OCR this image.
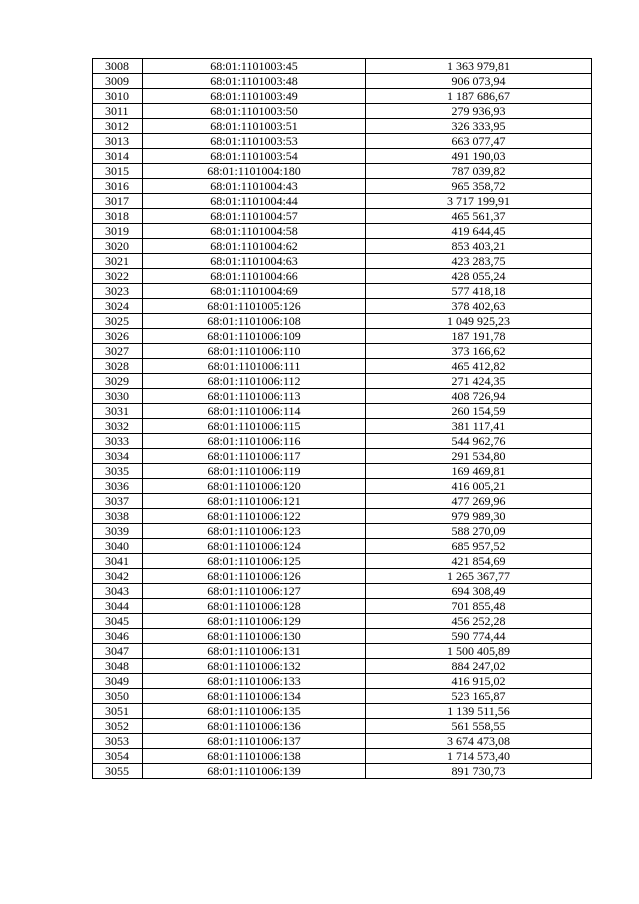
3008	68:01:1101003:45	1 363 979,81
3009	68:01:1101003:48	906 073,94
3010	68:01:1101003:49	1 187 686,67
3011	68:01:1101003:50	279 936,93
3012	68:01:1101003:51	326 333,95
3013	68:01:1101003:53	663 077,47
3014	68:01:1101003:54	491 190,03
3015	68:01:1101004:180	787 039,82
3016	68:01:1101004:43	965 358,72
3017	68:01:1101004:44	3 717 199,91
3018	68:01:1101004:57	465 561,37
3019	68:01:1101004:58	419 644,45
3020	68:01:1101004:62	853 403,21
3021	68:01:1101004:63	423 283,75
3022	68:01:1101004:66	428 055,24
3023	68:01:1101004:69	577 418,18
3024	68:01:1101005:126	378 402,63
3025	68:01:1101006:108	1 049 925,23
3026	68:01:1101006:109	187 191,78
3027	68:01:1101006:110	373 166,62
3028	68:01:1101006:111	465 412,82
3029	68:01:1101006:112	271 424,35
3030	68:01:1101006:113	408 726,94
3031	68:01:1101006:114	260 154,59
3032	68:01:1101006:115	381 117,41
3033	68:01:1101006:116	544 962,76
3034	68:01:1101006:117	291 534,80
3035	68:01:1101006:119	169 469,81
3036	68:01:1101006:120	416 005,21
3037	68:01:1101006:121	477 269,96
3038	68:01:1101006:122	979 989,30
3039	68:01:1101006:123	588 270,09
3040	68:01:1101006:124	685 957,52
3041	68:01:1101006:125	421 854,69
3042	68:01:1101006:126	1 265 367,77
3043	68:01:1101006:127	694 308,49
3044	68:01:1101006:128	701 855,48
3045	68:01:1101006:129	456 252,28
3046	68:01:1101006:130	590 774,44
3047	68:01:1101006:131	1 500 405,89
3048	68:01:1101006:132	884 247,02
3049	68:01:1101006:133	416 915,02
3050	68:01:1101006:134	523 165,87
3051	68:01:1101006:135	1 139 511,56
3052	68:01:1101006:136	561 558,55
3053	68:01:1101006:137	3 674 473,08
3054	68:01:1101006:138	1 714 573,40
3055	68:01:1101006:139	891 730,73
